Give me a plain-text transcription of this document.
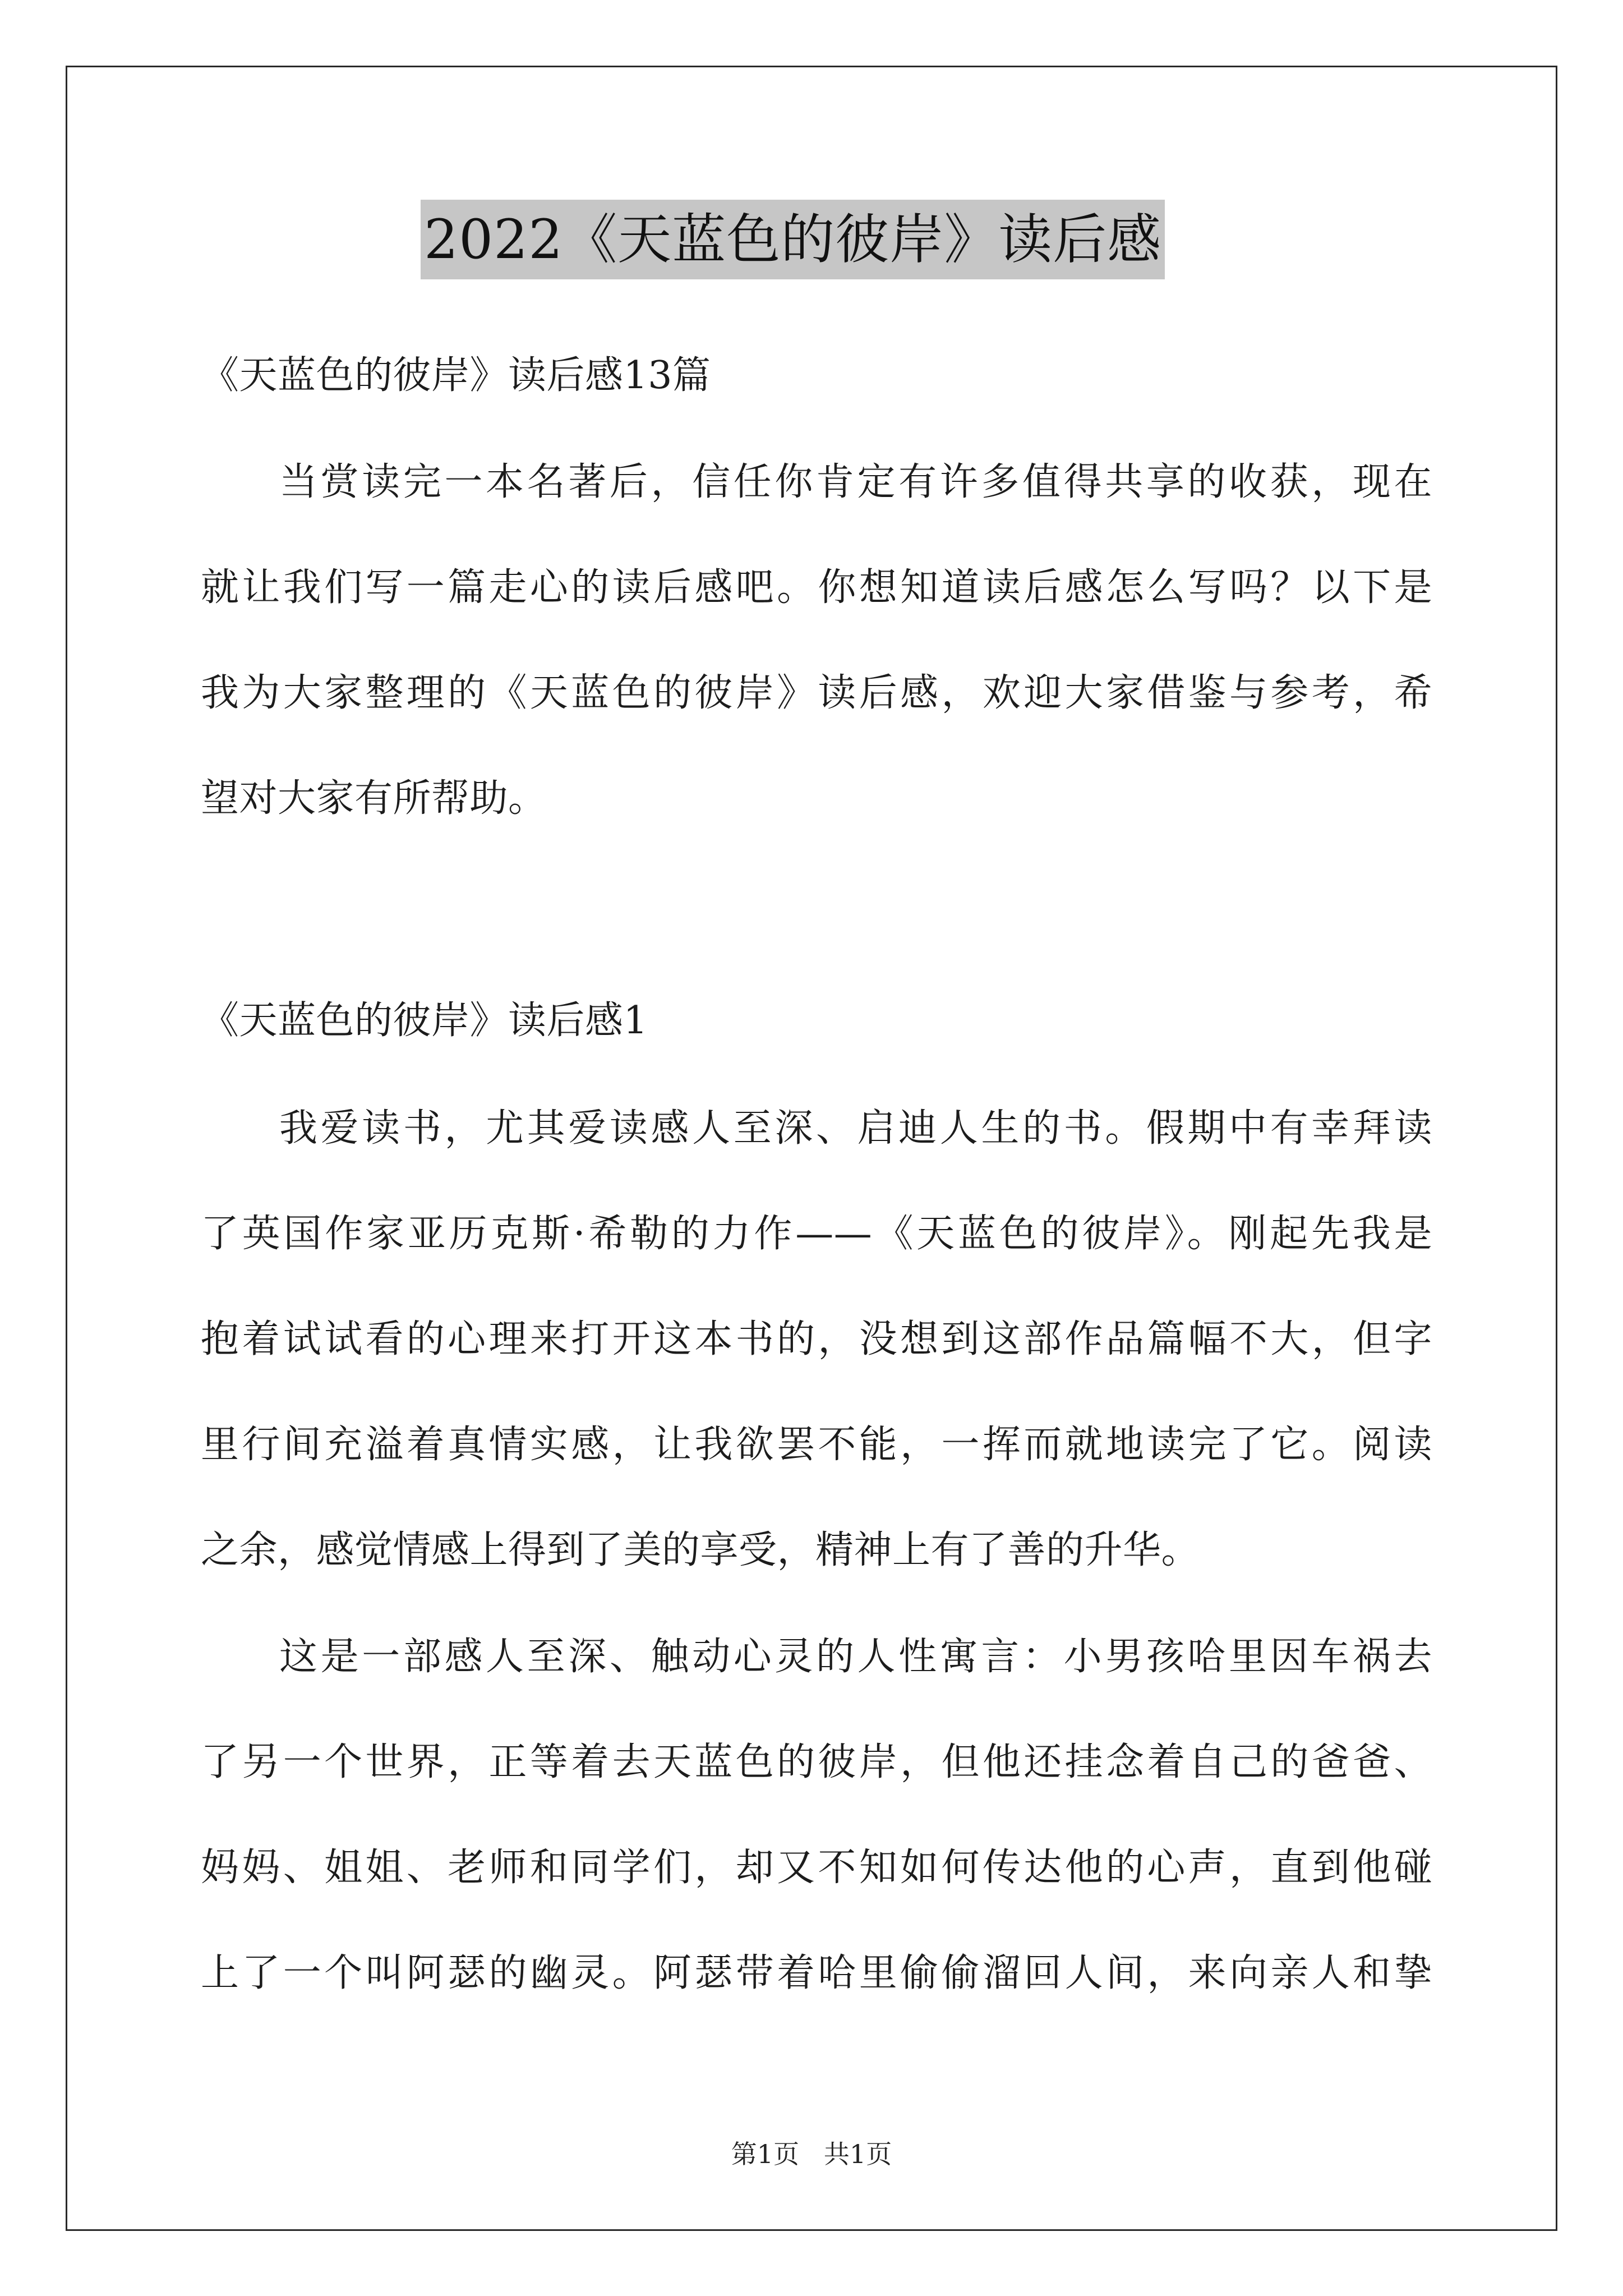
2022《天蓝色的彼岸》读后感
《天蓝色的彼岸》读后感13篇
当赏读完一本名著后，信任你肯定有许多值得共享的收获，现在
就让我们写一篇走心的读后感吧。你想知道读后感怎么写吗？以下是
我为大家整理的《天蓝色的彼岸》读后感，欢迎大家借鉴与参考，希
望对大家有所帮助。
《天蓝色的彼岸》读后感1
我爱读书，尤其爱读感人至深、启迪人生的书。假期中有幸拜读
了英国作家亚历克斯·希勒的力作——《天蓝色的彼岸》。刚起先我是
抱着试试看的心理来打开这本书的，没想到这部作品篇幅不大，但字
里行间充溢着真情实感，让我欲罢不能，一挥而就地读完了它。阅读
之余，感觉情感上得到了美的享受，精神上有了善的升华。
这是一部感人至深、触动心灵的人性寓言：小男孩哈里因车祸去
了另一个世界，正等着去天蓝色的彼岸，但他还挂念着自己的爸爸、
妈妈、姐姐、老师和同学们，却又不知如何传达他的心声，直到他碰
上了一个叫阿瑟的幽灵。阿瑟带着哈里偷偷溜回人间，来向亲人和挚
第1页   共1页
